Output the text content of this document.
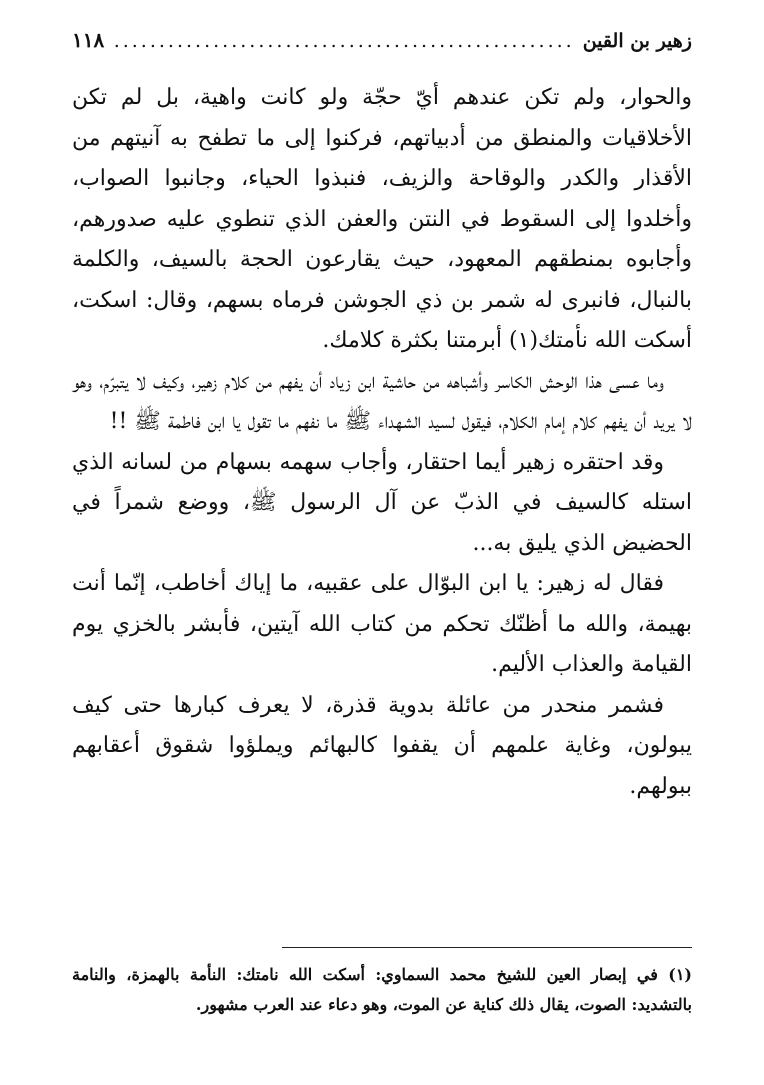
زهير بن القين
.....
١١٨

والحوار، ولم تكن عندهم أيّ حجّة ولو كانت واهية، بل لم تكن الأخلاقيات والمنطق من أدبياتهم، فركنوا إلى ما تطفح به آنيتهم من الأقذار والكدر والوقاحة والزيف، فنبذوا الحياء، وجانبوا الصواب، وأخلدوا إلى السقوط في النتن والعفن الذي تنطوي عليه صدورهم، وأجابوه بمنطقهم المعهود، حيث يقارعون الحجة بالسيف، والكلمة بالنبال، فانبرى له شمر بن ذي الجوشن فرماه بسهم، وقال: اسكت، أسكت الله نأمتك(١) أبرمتنا بكثرة كلامك.

وما عسى هذا الوحش الكاسر وأشباهه من حاشية ابن زياد أن يفهم من كلام زهير، وكيف لا يتبرّم، وهو لا يريد أن يفهم كلام إمام الكلام، فيقول لسيد الشهداء ﷺ ما نفهم ما تقول يا ابن فاطمة ﷺ !!

وقد احتقره زهير أيما احتقار، وأجاب سهمه بسهام من لسانه الذي استله كالسيف في الذبّ عن آل الرسول ﷺ، ووضع شمراً في الحضيض الذي يليق به...

فقال له زهير: يا ابن البوّال على عقبيه، ما إياك أخاطب، إنّما أنت بهيمة، والله ما أظنّك تحكم من كتاب الله آيتين، فأبشر بالخزي يوم القيامة والعذاب الأليم.

فشمر منحدر من عائلة بدوية قذرة، لا يعرف كبارها حتى كيف يبولون، وغاية علمهم أن يقفوا كالبهائم ويملؤوا شقوق أعقابهم ببولهم.

(١) في إبصار العين للشيخ محمد السماوي: أسكت الله نامتك: النأمة بالهمزة، والنامة بالتشديد: الصوت، يقال ذلك كناية عن الموت، وهو دعاء عند العرب مشهور.
